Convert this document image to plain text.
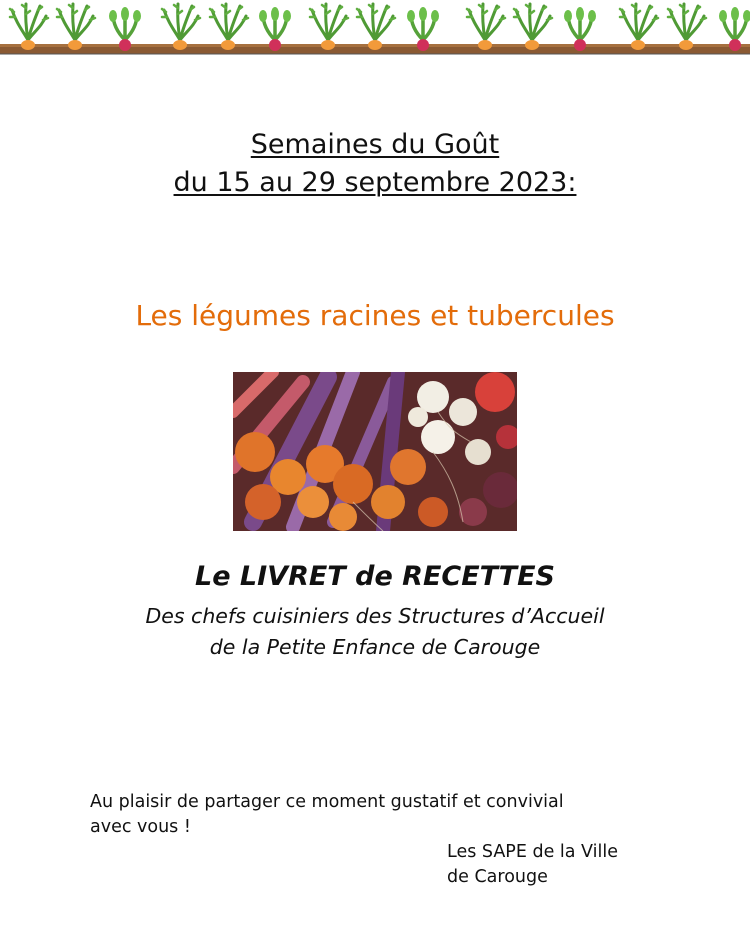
Semaines du Goût
du 15 au 29 septembre 2023:
Les légumes racines et tubercules
Le LIVRET de RECETTES
Des chefs cuisiniers des Structures d’Accueil
de la Petite Enfance de Carouge
Au plaisir de partager ce moment gustatif et convivial
avec vous !
Les SAPE de la Ville
de Carouge
